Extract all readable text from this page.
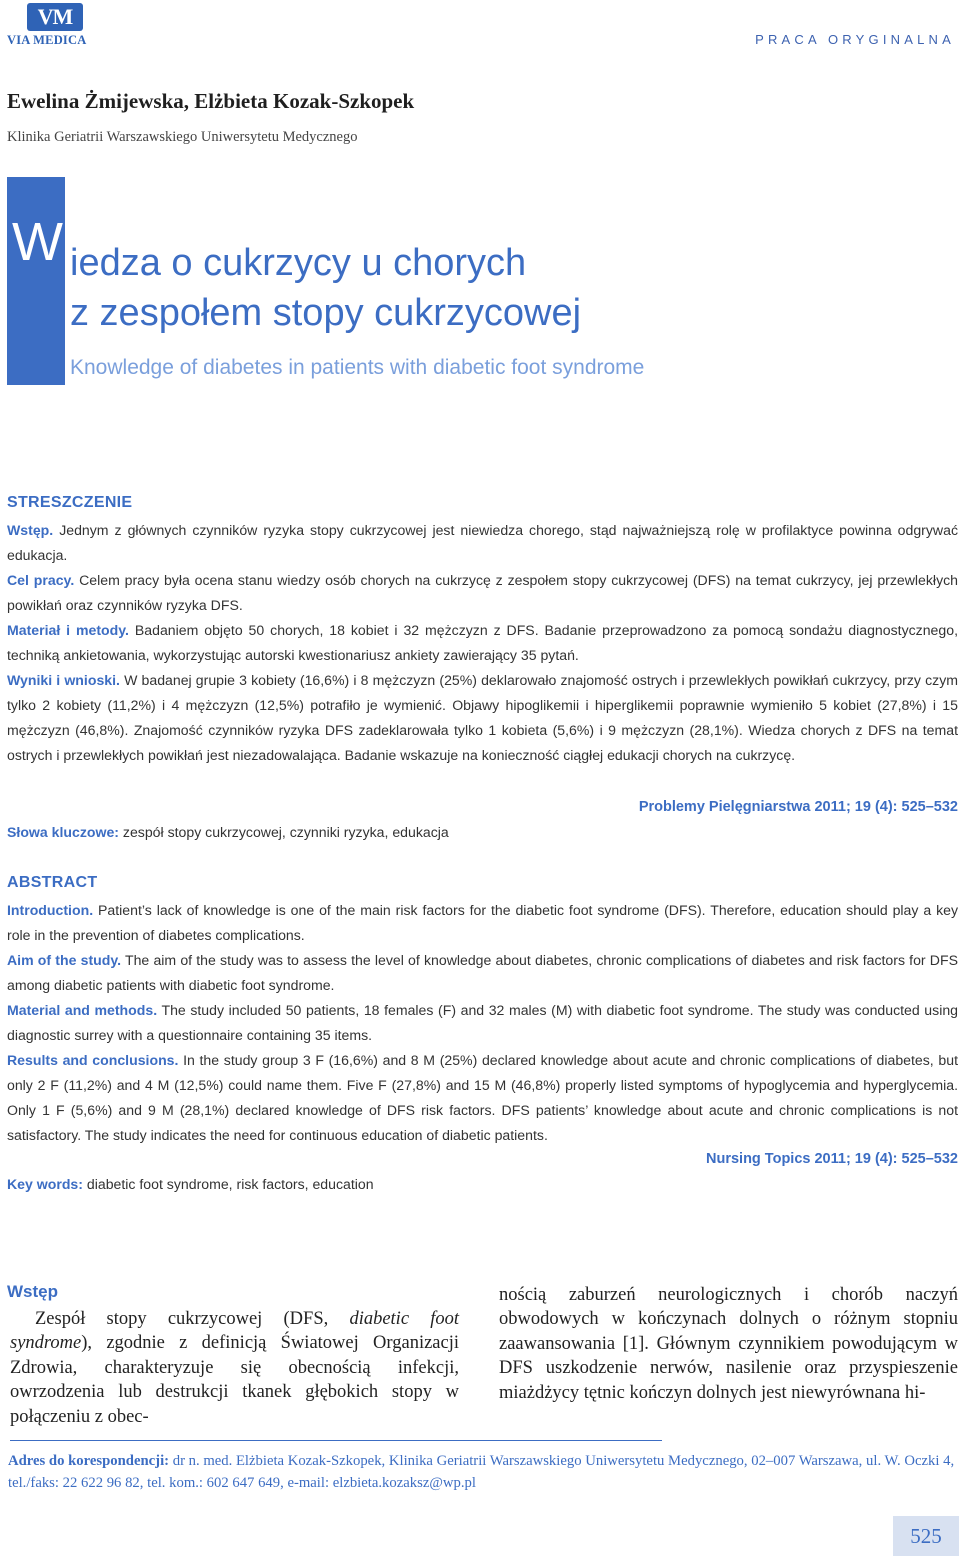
VM
VIA MEDICA	PRACA ORYGINALNA
Ewelina Żmijewska, Elżbieta Kozak-Szkopek
Klinika Geriatrii Warszawskiego Uniwersytetu Medycznego
W iedza o cukrzycy u chorych
z zespołem stopy cukrzycowej
Knowledge of diabetes in patients with diabetic foot syndrome
STRESZCZENIE
Wstęp. Jednym z głównych czynników ryzyka stopy cukrzycowej jest niewiedza chorego, stąd najważniejszą rolę w profilaktyce powinna odgrywać edukacja.
Cel pracy. Celem pracy była ocena stanu wiedzy osób chorych na cukrzycę z zespołem stopy cukrzycowej (DFS) na temat cukrzycy, jej przewlekłych powikłań oraz czynników ryzyka DFS.
Materiał i metody. Badaniem objęto 50 chorych, 18 kobiet i 32 mężczyzn z DFS. Badanie przeprowadzono za pomocą sondażu diagnostycznego, techniką ankietowania, wykorzystując autorski kwestionariusz ankiety zawierający 35 pytań.
Wyniki i wnioski. W badanej grupie 3 kobiety (16,6%) i 8 mężczyzn (25%) deklarowało znajomość ostrych i przewlekłych powikłań cukrzycy, przy czym tylko 2 kobiety (11,2%) i 4 mężczyzn (12,5%) potrafiło je wymienić. Objawy hipoglikemii i hiperglikemii poprawnie wymieniło 5 kobiet (27,8%) i 15 mężczyzn (46,8%). Znajomość czynników ryzyka DFS zadeklarowała tylko 1 kobieta (5,6%) i 9 mężczyzn (28,1%). Wiedza chorych z DFS na temat ostrych i przewlekłych powikłań jest niezadowalająca. Badanie wskazuje na konieczność ciągłej edukacji chorych na cukrzycę.
Problemy Pielęgniarstwa 2011; 19 (4): 525–532
Słowa kluczowe: zespół stopy cukrzycowej, czynniki ryzyka, edukacja
ABSTRACT
Introduction. Patient’s lack of knowledge is one of the main risk factors for the diabetic foot syndrome (DFS). Therefore, education should play a key role in the prevention of diabetes complications.
Aim of the study. The aim of the study was to assess the level of knowledge about diabetes, chronic complications of diabetes and risk factors for DFS among diabetic patients with diabetic foot syndrome.
Material and methods. The study included 50 patients, 18 females (F) and 32 males (M) with diabetic foot syndrome. The study was conducted using diagnostic surrey with a questionnaire containing 35 items.
Results and conclusions. In the study group 3 F (16,6%) and 8 M (25%) declared knowledge about acute and chronic complications of diabetes, but only 2 F (11,2%) and 4 M (12,5%) could name them. Five F (27,8%) and 15 M (46,8%) properly listed symptoms of hypoglycemia and hyperglycemia. Only 1 F (5,6%) and 9 M (28,1%) declared knowledge of DFS risk factors. DFS patients’ knowledge about acute and chronic complications is not satisfactory. The study indicates the need for continuous education of diabetic patients.
Nursing Topics 2011; 19 (4): 525–532
Key words: diabetic foot syndrome, risk factors, education
Wstęp
Zespół stopy cukrzycowej (DFS, diabetic foot syndrome), zgodnie z definicją Światowej Organizacji Zdrowia, charakteryzuje się obecnością infekcji, owrzodzenia lub destrukcji tkanek głębokich stopy w połączeniu z obec-
nością zaburzeń neurologicznych i chorób naczyń obwodowych w kończynach dolnych o różnym stopniu zaawansowania [1]. Głównym czynnikiem powodującym w DFS uszkodzenie nerwów, nasilenie oraz przyspieszenie miażdżycy tętnic kończyn dolnych jest niewyrównana hi-
Adres do korespondencji: dr n. med. Elżbieta Kozak-Szkopek, Klinika Geriatrii Warszawskiego Uniwersytetu Medycznego, 02–007 Warszawa, ul. W. Oczki 4, tel./faks: 22 622 96 82, tel. kom.: 602 647 649, e-mail: elzbieta.kozaksz@wp.pl
525
